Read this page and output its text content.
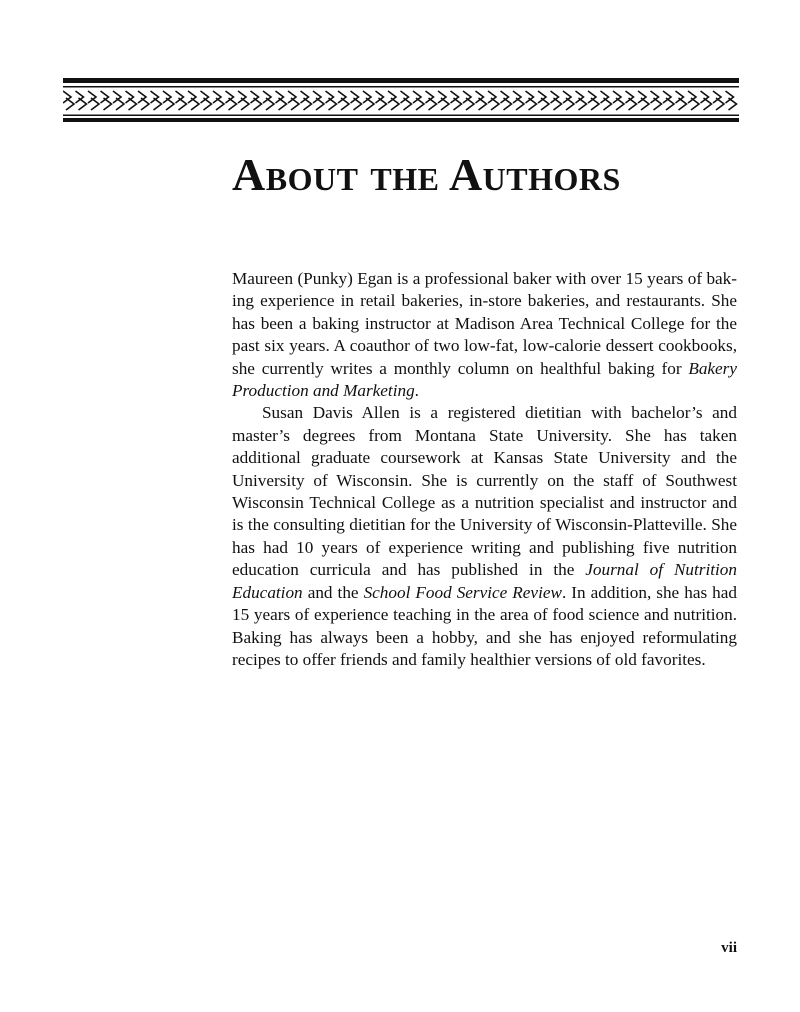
About the Authors

Maureen (Punky) Egan is a professional baker with over 15 years of baking experience in retail bakeries, in-store bakeries, and restaurants. She has been a baking instructor at Madison Area Technical College for the past six years. A coauthor of two low-fat, low-calorie dessert cookbooks, she currently writes a monthly column on healthful baking for Bakery Production and Marketing.

Susan Davis Allen is a registered dietitian with bachelor’s and master’s degrees from Montana State University. She has taken additional graduate coursework at Kansas State University and the University of Wisconsin. She is currently on the staff of Southwest Wisconsin Technical College as a nutrition specialist and instructor and is the consulting dietitian for the University of Wisconsin-Platteville. She has had 10 years of experience writing and publishing five nutrition education curricula and has published in the Journal of Nutrition Education and the School Food Service Review. In addition, she has had 15 years of experience teaching in the area of food science and nutrition. Baking has always been a hobby, and she has enjoyed reformulating recipes to offer friends and family healthier versions of old favorites.

vii
